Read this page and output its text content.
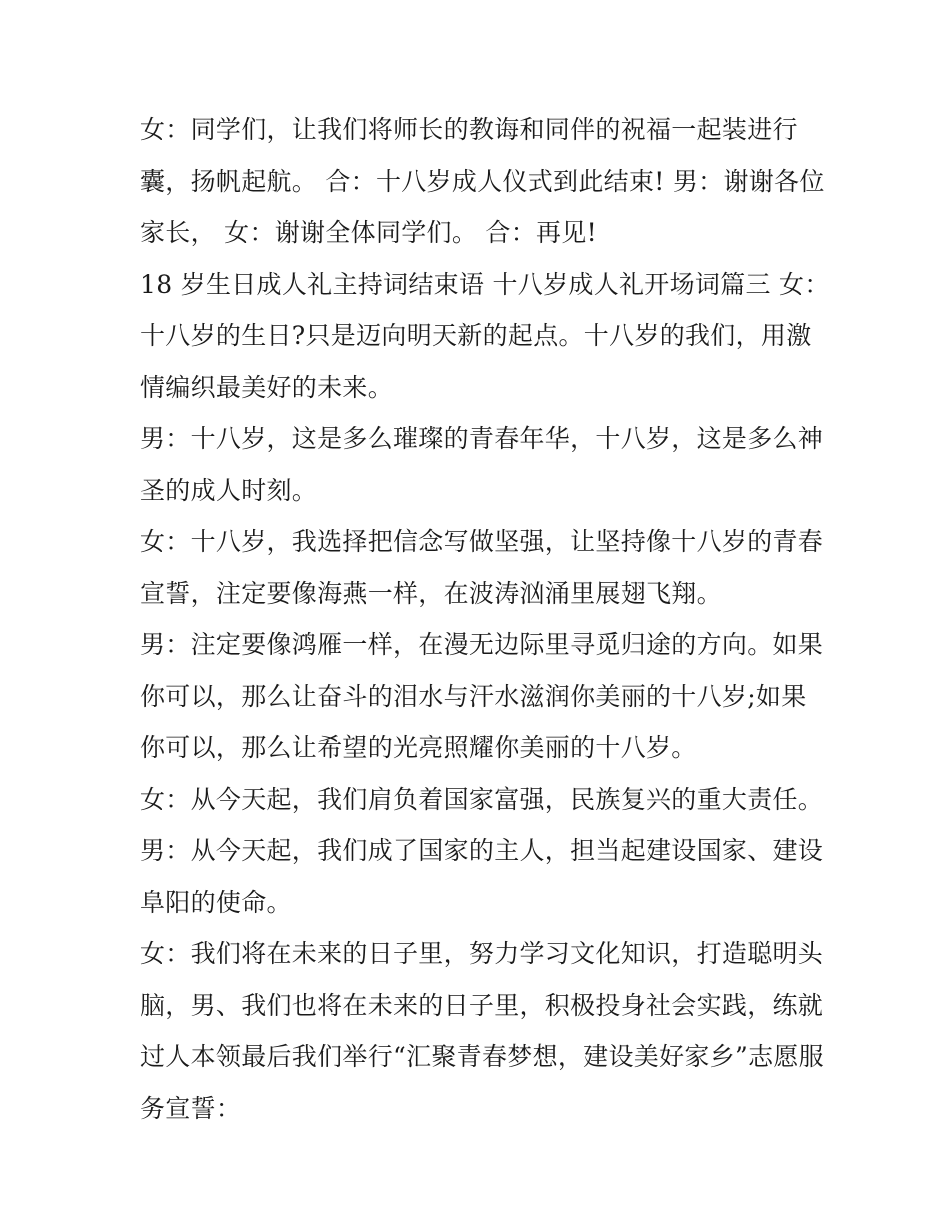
女：同学们，让我们将师长的教诲和同伴的祝福一起装进行
囊，扬帆起航。 合：十八岁成人仪式到此结束! 男：谢谢各位
家长， 女：谢谢全体同学们。 合：再见!
18 岁生日成人礼主持词结束语 十八岁成人礼开场词篇三 女：
十八岁的生日?只是迈向明天新的起点。十八岁的我们，用激
情编织最美好的未来。
男：十八岁，这是多么璀璨的青春年华，十八岁，这是多么神
圣的成人时刻。
女：十八岁，我选择把信念写做坚强，让坚持像十八岁的青春
宣誓，注定要像海燕一样，在波涛汹涌里展翅飞翔。
男：注定要像鸿雁一样，在漫无边际里寻觅归途的方向。如果
你可以，那么让奋斗的泪水与汗水滋润你美丽的十八岁;如果
你可以，那么让希望的光亮照耀你美丽的十八岁。
女：从今天起，我们肩负着国家富强，民族复兴的重大责任。
男：从今天起，我们成了国家的主人，担当起建设国家、建设
阜阳的使命。
女：我们将在未来的日子里，努力学习文化知识，打造聪明头
脑，男、我们也将在未来的日子里，积极投身社会实践，练就
过人本领最后我们举行“汇聚青春梦想，建设美好家乡”志愿服
务宣誓：
